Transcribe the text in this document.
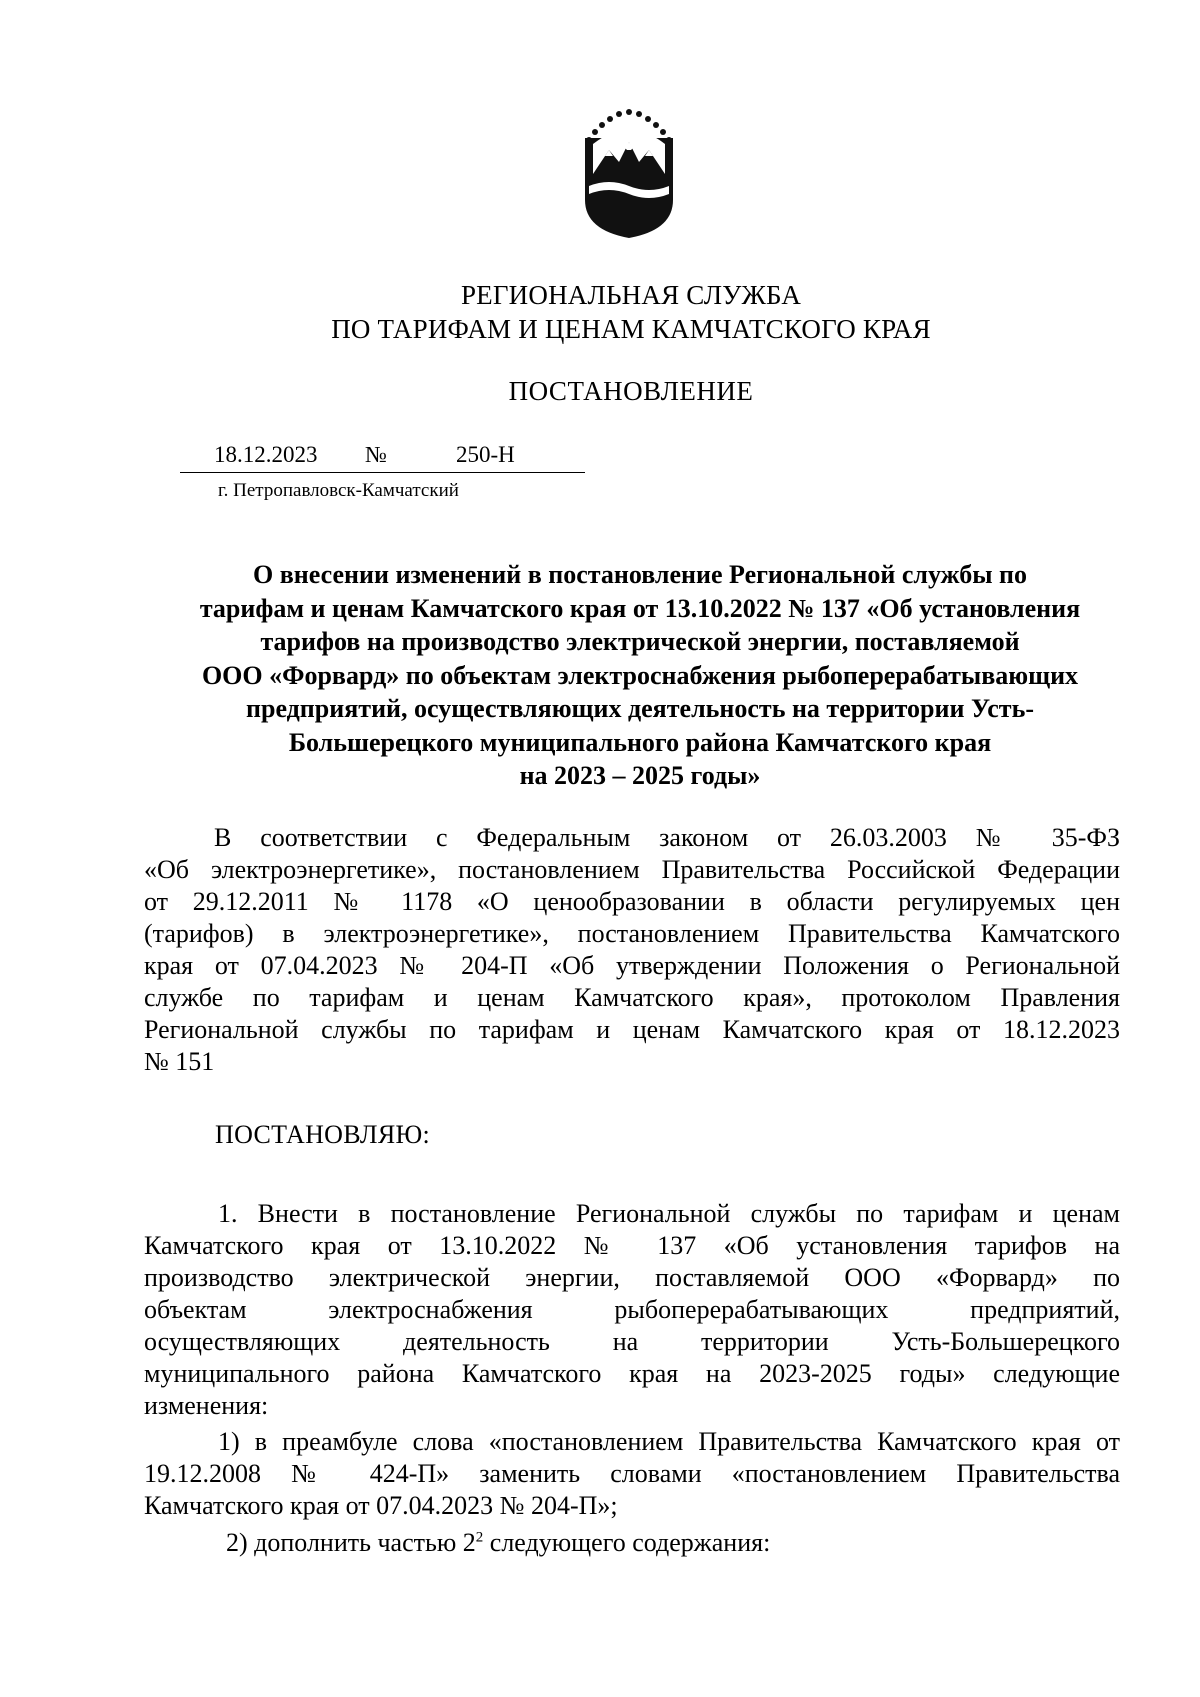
РЕГИОНАЛЬНАЯ СЛУЖБА
ПО ТАРИФАМ И ЦЕНАМ КАМЧАТСКОГО КРАЯ
ПОСТАНОВЛЕНИЕ
18.12.2023 №	250-Н
г. Петропавловск-Камчатский
О внесении изменений в постановление Региональной службы по
тарифам и ценам Камчатского края от 13.10.2022 № 137 «Об установления
тарифов на производство электрической энергии, поставляемой
ООО «Форвард» по объектам электроснабжения рыбоперерабатывающих
предприятий, осуществляющих деятельность на территории Усть-
Большерецкого муниципального района Камчатского края
на 2023 – 2025 годы»
В соответствии с Федеральным законом от 26.03.2003 № 35-ФЗ
«Об электроэнергетике», постановлением Правительства Российской Федерации
от 29.12.2011 № 1178 «О ценообразовании в области регулируемых цен
(тарифов) в электроэнергетике», постановлением Правительства Камчатского
края от 07.04.2023 № 204-П «Об утверждении Положения о Региональной
службе по тарифам и ценам Камчатского края», протоколом Правления
Региональной службы по тарифам и ценам Камчатского края от 18.12.2023
№ 151
ПОСТАНОВЛЯЮ:
1. Внести в постановление Региональной службы по тарифам и ценам
Камчатского края от 13.10.2022 № 137 «Об установления тарифов на
производство электрической энергии, поставляемой ООО «Форвард» по
объектам электроснабжения рыбоперерабатывающих предприятий,
осуществляющих деятельность на территории Усть-Большерецкого
муниципального района Камчатского края на 2023-2025 годы» следующие
изменения:
1) в преамбуле слова «постановлением Правительства Камчатского края от
19.12.2008 № 424-П» заменить словами «постановлением Правительства
Камчатского края от 07.04.2023 № 204-П»;
2) дополнить частью $2^2$ следующего содержания:
